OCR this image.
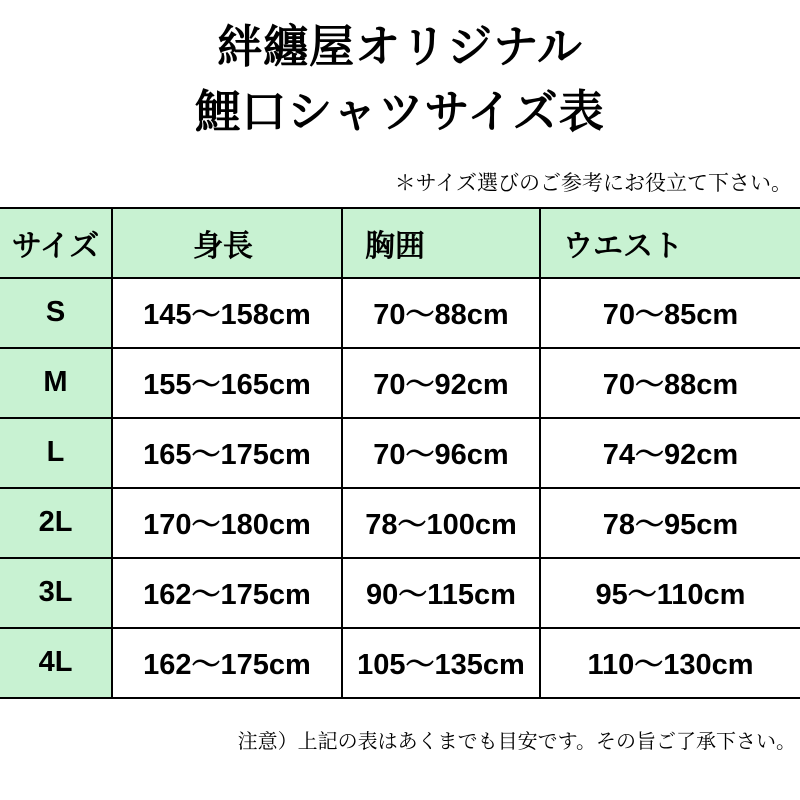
絆纏屋オリジナル
鯉口シャツサイズ表
＊サイズ選びのご参考にお役立て下さい。
サイズ	身長	胸囲	ウエスト
S	145〜158cm	70〜88cm	70〜85cm
M	155〜165cm	70〜92cm	70〜88cm
L	165〜175cm	70〜96cm	74〜92cm
2L	170〜180cm	78〜100cm	78〜95cm
3L	162〜175cm	90〜115cm	95〜110cm
4L	162〜175cm	105〜135cm	110〜130cm
注意）上記の表はあくまでも目安です。その旨ご了承下さい。
